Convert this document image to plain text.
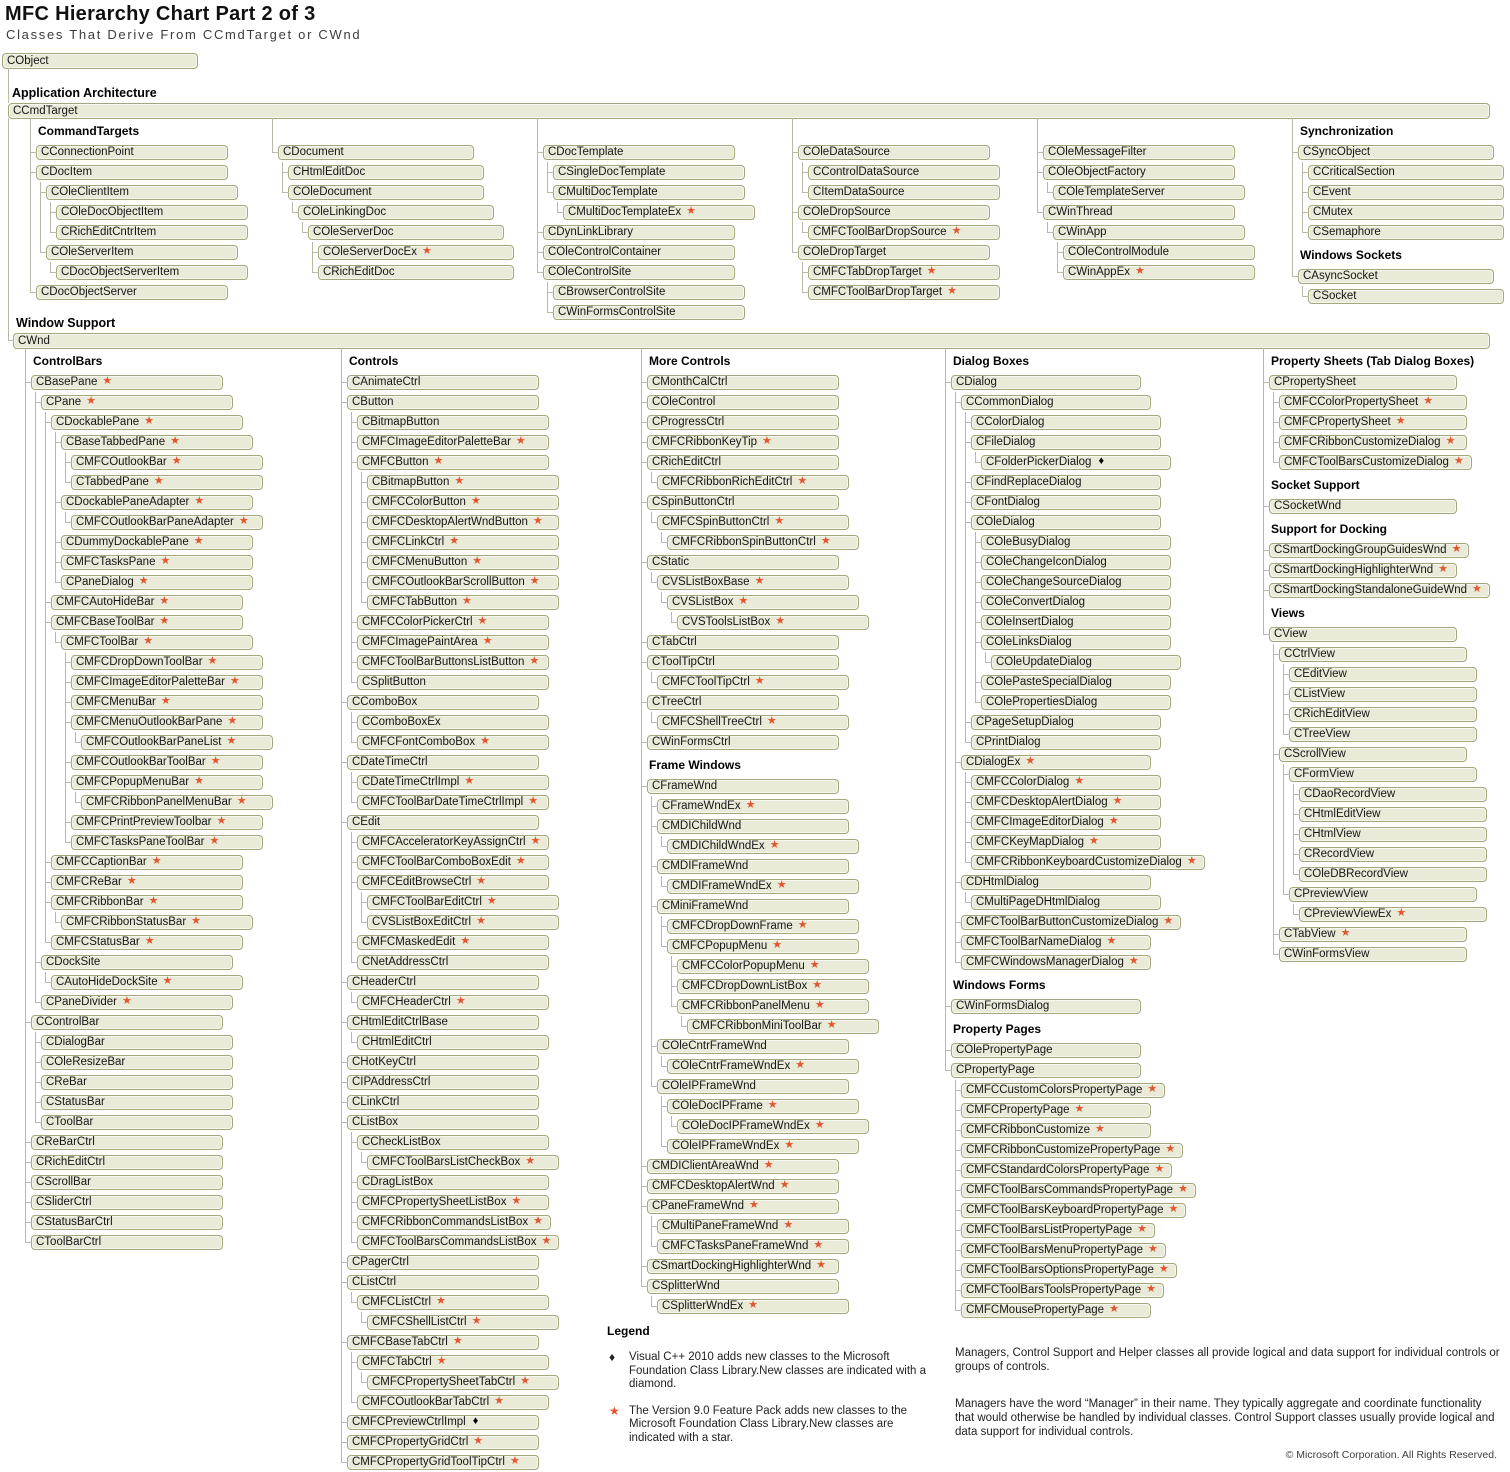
MFC Hierarchy Chart Part 2 of 3
Classes That Derive From CCmdTarget or CWnd
CObject
Application Architecture
CCmdTarget
Window Support
CWnd
CommandTargets
CConnectionPoint
CDocItem
COleClientItem
COleDocObjectItem
CRichEditCntrItem
COleServerItem
CDocObjectServerItem
CDocObjectServer
CDocument
CHtmlEditDoc
COleDocument
COleLinkingDoc
COleServerDoc
COleServerDocEx ★
CRichEditDoc
CDocTemplate
CSingleDocTemplate
CMultiDocTemplate
CMultiDocTemplateEx ★
CDynLinkLibrary
COleControlContainer
COleControlSite
CBrowserControlSite
CWinFormsControlSite
COleDataSource
CControlDataSource
CItemDataSource
COleDropSource
CMFCToolBarDropSource ★
COleDropTarget
CMFCTabDropTarget ★
CMFCToolBarDropTarget ★
COleMessageFilter
COleObjectFactory
COleTemplateServer
CWinThread
CWinApp
COleControlModule
CWinAppEx ★
Synchronization
CSyncObject
CCriticalSection
CEvent
CMutex
CSemaphore
Windows Sockets
CAsyncSocket
CSocket
ControlBars
CBasePane ★
CPane ★
CDockablePane ★
CBaseTabbedPane ★
CMFCOutlookBar ★
CTabbedPane ★
CDockablePaneAdapter ★
CMFCOutlookBarPaneAdapter ★
CDummyDockablePane ★
CMFCTasksPane ★
CPaneDialog ★
CMFCAutoHideBar ★
CMFCBaseToolBar ★
CMFCToolBar ★
CMFCDropDownToolBar ★
CMFCImageEditorPaletteBar ★
CMFCMenuBar ★
CMFCMenuOutlookBarPane ★
CMFCOutlookBarPaneList ★
CMFCOutlookBarToolBar ★
CMFCPopupMenuBar ★
CMFCRibbonPanelMenuBar ★
CMFCPrintPreviewToolbar ★
CMFCTasksPaneToolBar ★
CMFCCaptionBar ★
CMFCReBar ★
CMFCRibbonBar ★
CMFCRibbonStatusBar ★
CMFCStatusBar ★
CDockSite
CAutoHideDockSite ★
CPaneDivider ★
CControlBar
CDialogBar
COleResizeBar
CReBar
CStatusBar
CToolBar
CReBarCtrl
CRichEditCtrl
CScrollBar
CSliderCtrl
CStatusBarCtrl
CToolBarCtrl
Controls
CAnimateCtrl
CButton
CBitmapButton
CMFCImageEditorPaletteBar ★
CMFCButton ★
CBitmapButton ★
CMFCColorButton ★
CMFCDesktopAlertWndButton ★
CMFCLinkCtrl ★
CMFCMenuButton ★
CMFCOutlookBarScrollButton ★
CMFCTabButton ★
CMFCColorPickerCtrl ★
CMFCImagePaintArea ★
CMFCToolBarButtonsListButton ★
CSplitButton
CComboBox
CComboBoxEx
CMFCFontComboBox ★
CDateTimeCtrl
CDateTimeCtrlImpl ★
CMFCToolBarDateTimeCtrlImpl ★
CEdit
CMFCAcceleratorKeyAssignCtrl ★
CMFCToolBarComboBoxEdit ★
CMFCEditBrowseCtrl ★
CMFCToolBarEditCtrl ★
CVSListBoxEditCtrl ★
CMFCMaskedEdit ★
CNetAddressCtrl
CHeaderCtrl
CMFCHeaderCtrl ★
CHtmlEditCtrlBase
CHtmlEditCtrl
CHotKeyCtrl
CIPAddressCtrl
CLinkCtrl
CListBox
CCheckListBox
CMFCToolBarsListCheckBox ★
CDragListBox
CMFCPropertySheetListBox ★
CMFCRibbonCommandsListBox ★
CMFCToolBarsCommandsListBox ★
CPagerCtrl
CListCtrl
CMFCListCtrl ★
CMFCShellListCtrl ★
CMFCBaseTabCtrl ★
CMFCTabCtrl ★
CMFCPropertySheetTabCtrl ★
CMFCOutlookBarTabCtrl ★
CMFCPreviewCtrlImpl ♦
CMFCPropertyGridCtrl ★
CMFCPropertyGridToolTipCtrl ★
More Controls
CMonthCalCtrl
COleControl
CProgressCtrl
CMFCRibbonKeyTip ★
CRichEditCtrl
CMFCRibbonRichEditCtrl ★
CSpinButtonCtrl
CMFCSpinButtonCtrl ★
CMFCRibbonSpinButtonCtrl ★
CStatic
CVSListBoxBase ★
CVSListBox ★
CVSToolsListBox ★
CTabCtrl
CToolTipCtrl
CMFCToolTipCtrl ★
CTreeCtrl
CMFCShellTreeCtrl ★
CWinFormsCtrl
Frame Windows
CFrameWnd
CFrameWndEx ★
CMDIChildWnd
CMDIChildWndEx ★
CMDIFrameWnd
CMDIFrameWndEx ★
CMiniFrameWnd
CMFCDropDownFrame ★
CMFCPopupMenu ★
CMFCColorPopupMenu ★
CMFCDropDownListBox ★
CMFCRibbonPanelMenu ★
CMFCRibbonMiniToolBar ★
COleCntrFrameWnd
COleCntrFrameWndEx ★
COleIPFrameWnd
COleDocIPFrame ★
COleDocIPFrameWndEx ★
COleIPFrameWndEx ★
CMDIClientAreaWnd ★
CMFCDesktopAlertWnd ★
CPaneFrameWnd ★
CMultiPaneFrameWnd ★
CMFCTasksPaneFrameWnd ★
CSmartDockingHighlighterWnd ★
CSplitterWnd
CSplitterWndEx ★
Dialog Boxes
CDialog
CCommonDialog
CColorDialog
CFileDialog
CFolderPickerDialog ♦
CFindReplaceDialog
CFontDialog
COleDialog
COleBusyDialog
COleChangeIconDialog
COleChangeSourceDialog
COleConvertDialog
COleInsertDialog
COleLinksDialog
COleUpdateDialog
COlePasteSpecialDialog
COlePropertiesDialog
CPageSetupDialog
CPrintDialog
CDialogEx ★
CMFCColorDialog ★
CMFCDesktopAlertDialog ★
CMFCImageEditorDialog ★
CMFCKeyMapDialog ★
CMFCRibbonKeyboardCustomizeDialog ★
CDHtmlDialog
CMultiPageDHtmlDialog
CMFCToolBarButtonCustomizeDialog ★
CMFCToolBarNameDialog ★
CMFCWindowsManagerDialog ★
Windows Forms
CWinFormsDialog
Property Pages
COlePropertyPage
CPropertyPage
CMFCCustomColorsPropertyPage ★
CMFCPropertyPage ★
CMFCRibbonCustomize ★
CMFCRibbonCustomizePropertyPage ★
CMFCStandardColorsPropertyPage ★
CMFCToolBarsCommandsPropertyPage ★
CMFCToolBarsKeyboardPropertyPage ★
CMFCToolBarsListPropertyPage ★
CMFCToolBarsMenuPropertyPage ★
CMFCToolBarsOptionsPropertyPage ★
CMFCToolBarsToolsPropertyPage ★
CMFCMousePropertyPage ★
Property Sheets (Tab Dialog Boxes)
CPropertySheet
CMFCColorPropertySheet ★
CMFCPropertySheet ★
CMFCRibbonCustomizeDialog ★
CMFCToolBarsCustomizeDialog ★
Socket Support
CSocketWnd
Support for Docking
CSmartDockingGroupGuidesWnd ★
CSmartDockingHighlighterWnd ★
CSmartDockingStandaloneGuideWnd ★
Views
CView
CCtrlView
CEditView
CListView
CRichEditView
CTreeView
CScrollView
CFormView
CDaoRecordView
CHtmlEditView
CHtmlView
CRecordView
COleDBRecordView
CPreviewView
CPreviewViewEx ★
CTabView ★
CWinFormsView
Legend
♦	Visual C++ 2010 adds new classes to the Microsoft Foundation Class Library.New classes are indicated with a diamond.
★ The Version 9.0 Feature Pack adds new classes to the Microsoft Foundation Class Library.New classes are indicated with a star.
Managers, Control Support and Helper classes all provide logical and data support for individual controls or groups of controls.
Managers have the word “Manager” in their name. They typically aggregate and coordinate functionality that would otherwise be handled by individual classes. Control Support classes usually provide logical and data support for individual controls.
© Microsoft Corporation. All Rights Reserved.
